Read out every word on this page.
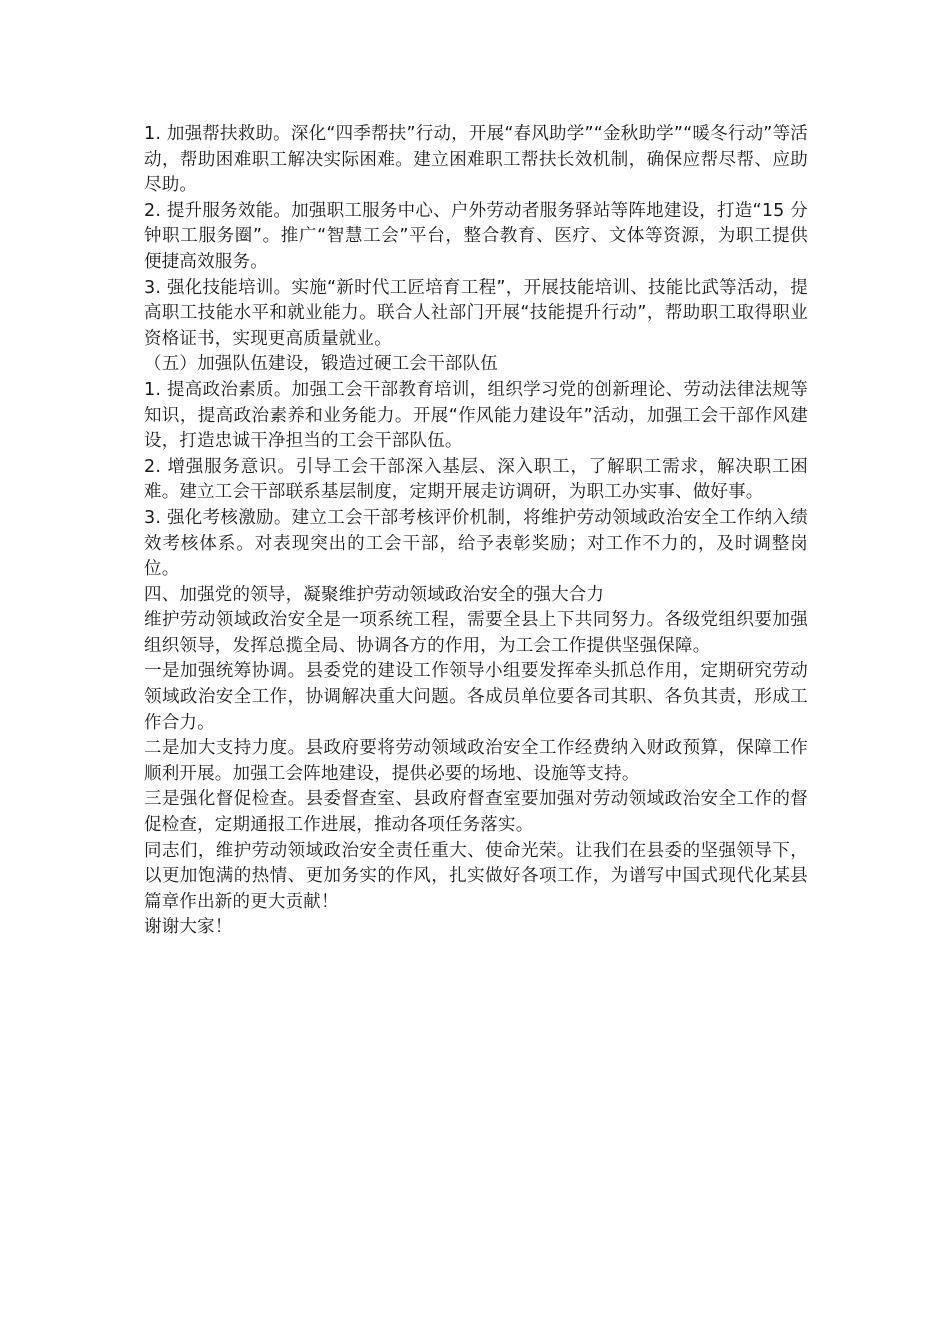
1. 加强帮扶救助。深化“四季帮扶”行动，开展“春风助学”“金秋助学”“暖冬行动”等活动，帮助困难职工解决实际困难。建立困难职工帮扶长效机制，确保应帮尽帮、应助尽助。

2. 提升服务效能。加强职工服务中心、户外劳动者服务驿站等阵地建设，打造“15 分钟职工服务圈”。推广“智慧工会”平台，整合教育、医疗、文体等资源，为职工提供便捷高效服务。

3. 强化技能培训。实施“新时代工匠培育工程”，开展技能培训、技能比武等活动，提高职工技能水平和就业能力。联合人社部门开展“技能提升行动”，帮助职工取得职业资格证书，实现更高质量就业。

（五）加强队伍建设，锻造过硬工会干部队伍

1. 提高政治素质。加强工会干部教育培训，组织学习党的创新理论、劳动法律法规等知识，提高政治素养和业务能力。开展“作风能力建设年”活动，加强工会干部作风建设，打造忠诚干净担当的工会干部队伍。

2. 增强服务意识。引导工会干部深入基层、深入职工，了解职工需求，解决职工困难。建立工会干部联系基层制度，定期开展走访调研，为职工办实事、做好事。

3. 强化考核激励。建立工会干部考核评价机制，将维护劳动领域政治安全工作纳入绩效考核体系。对表现突出的工会干部，给予表彰奖励；对工作不力的，及时调整岗位。

四、加强党的领导，凝聚维护劳动领域政治安全的强大合力

维护劳动领域政治安全是一项系统工程，需要全县上下共同努力。各级党组织要加强组织领导，发挥总揽全局、协调各方的作用，为工会工作提供坚强保障。

一是加强统筹协调。县委党的建设工作领导小组要发挥牵头抓总作用，定期研究劳动领域政治安全工作，协调解决重大问题。各成员单位要各司其职、各负其责，形成工作合力。

二是加大支持力度。县政府要将劳动领域政治安全工作经费纳入财政预算，保障工作顺利开展。加强工会阵地建设，提供必要的场地、设施等支持。

三是强化督促检查。县委督查室、县政府督查室要加强对劳动领域政治安全工作的督促检查，定期通报工作进展，推动各项任务落实。

同志们，维护劳动领域政治安全责任重大、使命光荣。让我们在县委的坚强领导下，以更加饱满的热情、更加务实的作风，扎实做好各项工作，为谱写中国式现代化某县篇章作出新的更大贡献！

谢谢大家！
